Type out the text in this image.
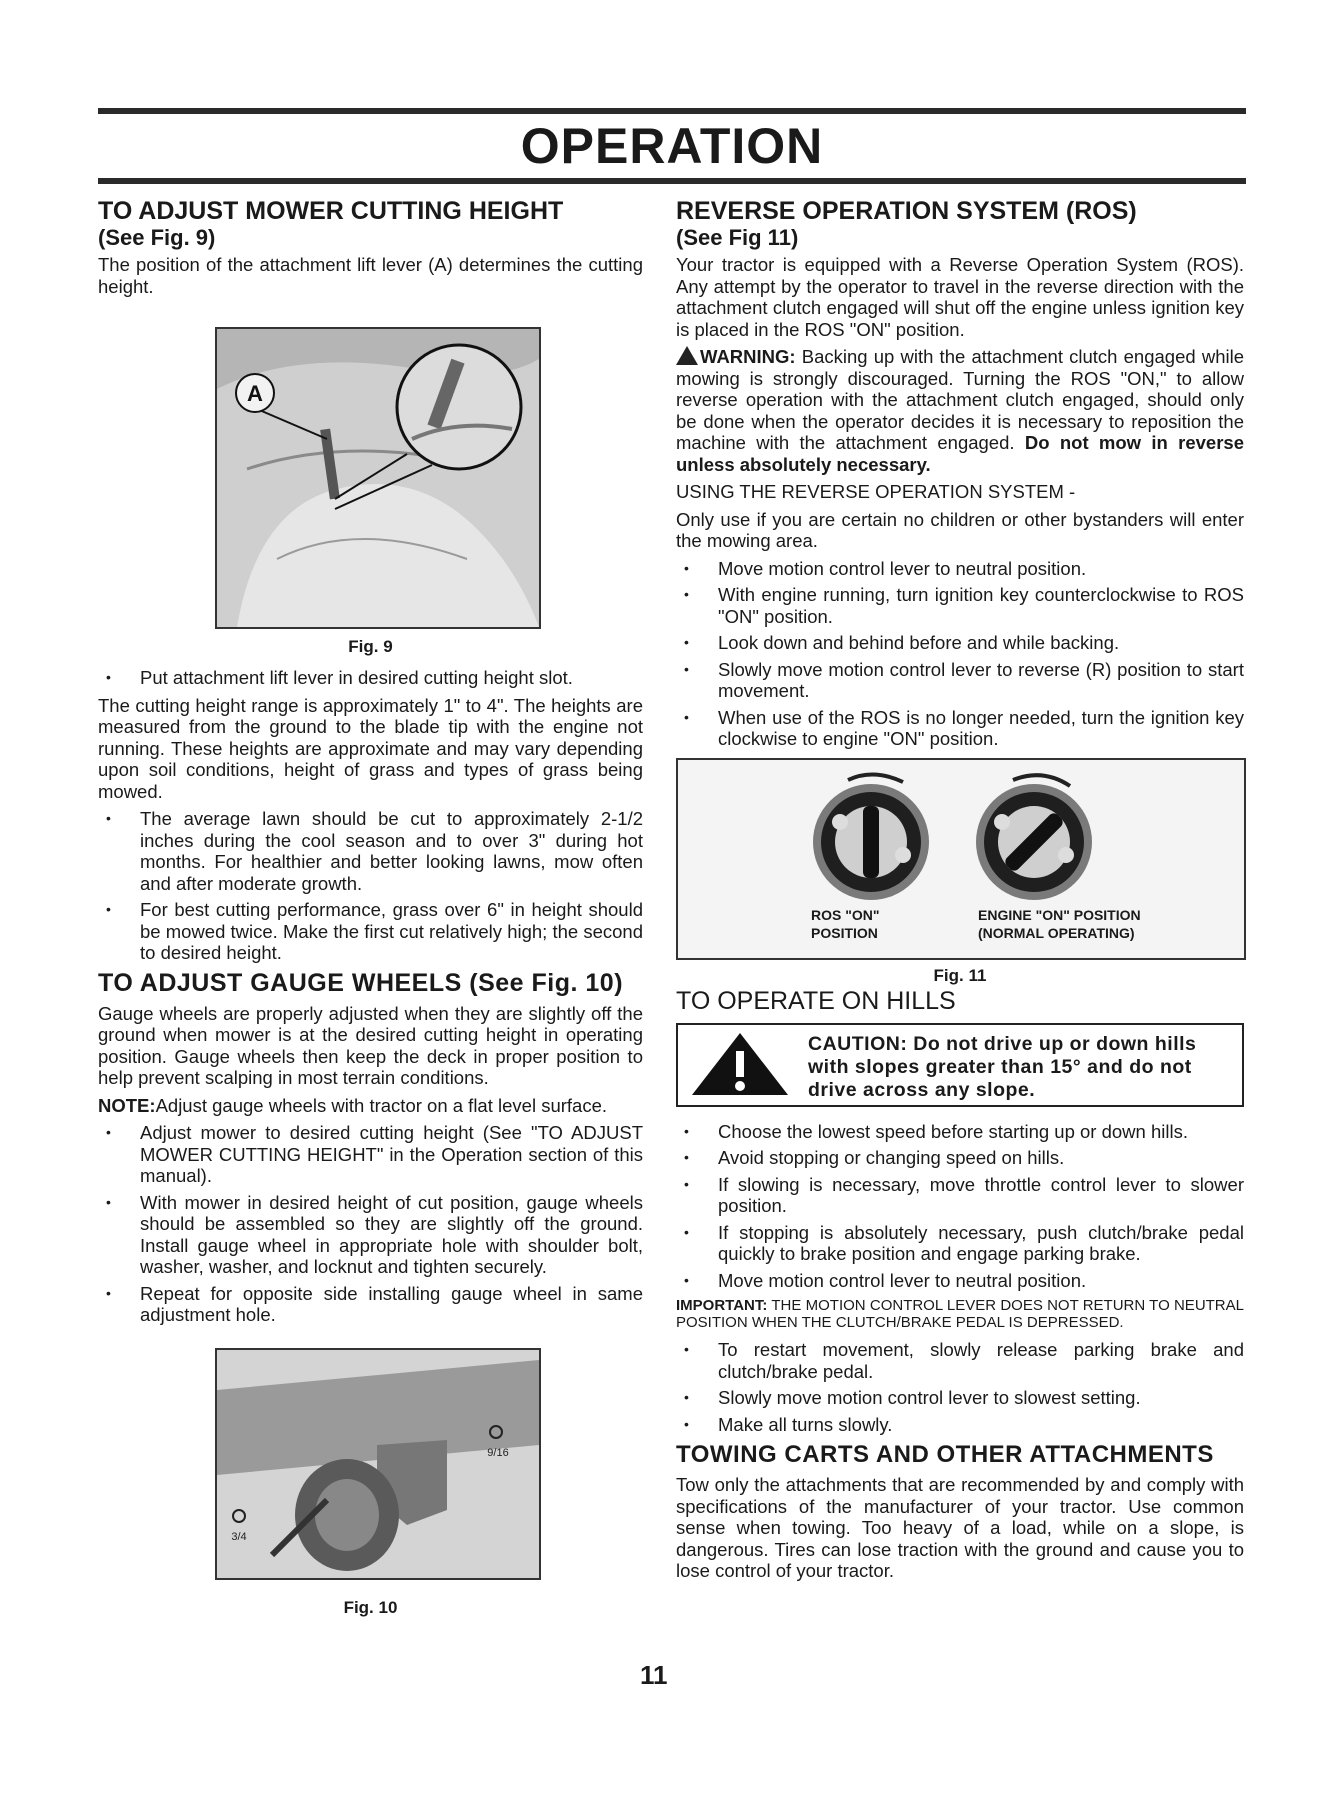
OPERATION
TO ADJUST MOWER CUTTING HEIGHT
(See Fig. 9)

The position of the attachment lift lever (A) determines the cutting height.

A
Fig. 9
• Put attachment lift lever in desired cutting height slot.

The cutting height range is approximately 1" to 4". The heights are measured from the ground to the blade tip with the engine not running. These heights are approximate and may vary depending upon soil conditions, height of grass and types of grass being mowed.

• The average lawn should be cut to approximately 2-1/2 inches during the cool season and to over 3" during hot months. For healthier and better looking lawns, mow often and after moderate growth.
• For best cutting performance, grass over 6" in height should be mowed twice. Make the first cut relatively high; the second to desired height.
TO ADJUST GAUGE WHEELS (See Fig. 10)

Gauge wheels are properly adjusted when they are slightly off the ground when mower is at the desired cutting height in operating position. Gauge wheels then keep the deck in proper position to help prevent scalping in most terrain conditions.

NOTE:Adjust gauge wheels with tractor on a flat level surface.

• Adjust mower to desired cutting height (See "TO ADJUST MOWER CUTTING HEIGHT" in the Operation section of this manual).
• With mower in desired height of cut position, gauge wheels should be assembled so they are slightly off the ground. Install gauge wheel in appropriate hole with shoulder bolt, washer, washer, and locknut and tighten securely.
• Repeat for opposite side installing gauge wheel in same adjustment hole.
9/16
3/4
Fig. 10
REVERSE OPERATION SYSTEM (ROS)
(See Fig 11)

Your tractor is equipped with a Reverse Operation System (ROS). Any attempt by the operator to travel in the reverse direction with the attachment clutch engaged will shut off the engine unless ignition key is placed in the ROS "ON" position.

WARNING: Backing up with the attachment clutch engaged while mowing is strongly discouraged. Turning the ROS "ON," to allow reverse operation with the attachment clutch engaged, should only be done when the operator decides it is necessary to reposition the machine with the attachment engaged. Do not mow in reverse unless absolutely necessary.

USING THE REVERSE OPERATION SYSTEM -

Only use if you are certain no children or other bystanders will enter the mowing area.

• Move motion control lever to neutral position.
• With engine running, turn ignition key counterclockwise to ROS "ON" position.
• Look down and behind before and while backing.
• Slowly move motion control lever to reverse (R) position to start movement.
• When use of the ROS is no longer needed, turn the ignition key clockwise to engine "ON" position.
ROS "ON"
POSITION
ENGINE "ON" POSITION
(NORMAL OPERATING)
Fig. 11
TO OPERATE ON HILLS
CAUTION: Do not drive up or down hills with slopes greater than 15° and do not drive across any slope.
• Choose the lowest speed before starting up or down hills.
• Avoid stopping or changing speed on hills.
• If slowing is necessary, move throttle control lever to slower position.
• If stopping is absolutely necessary, push clutch/brake pedal quickly to brake position and engage parking brake.
• Move motion control lever to neutral position.

IMPORTANT: THE MOTION CONTROL LEVER DOES NOT RETURN TO NEUTRAL POSITION WHEN THE CLUTCH/BRAKE PEDAL IS DEPRESSED.

• To restart movement, slowly release parking brake and clutch/brake pedal.
• Slowly move motion control lever to slowest setting.
• Make all turns slowly.
TOWING CARTS AND OTHER ATTACHMENTS

Tow only the attachments that are recommended by and comply with specifications of the manufacturer of your tractor. Use common sense when towing. Too heavy of a load, while on a slope, is dangerous. Tires can lose traction with the ground and cause you to lose control of your tractor.

11
